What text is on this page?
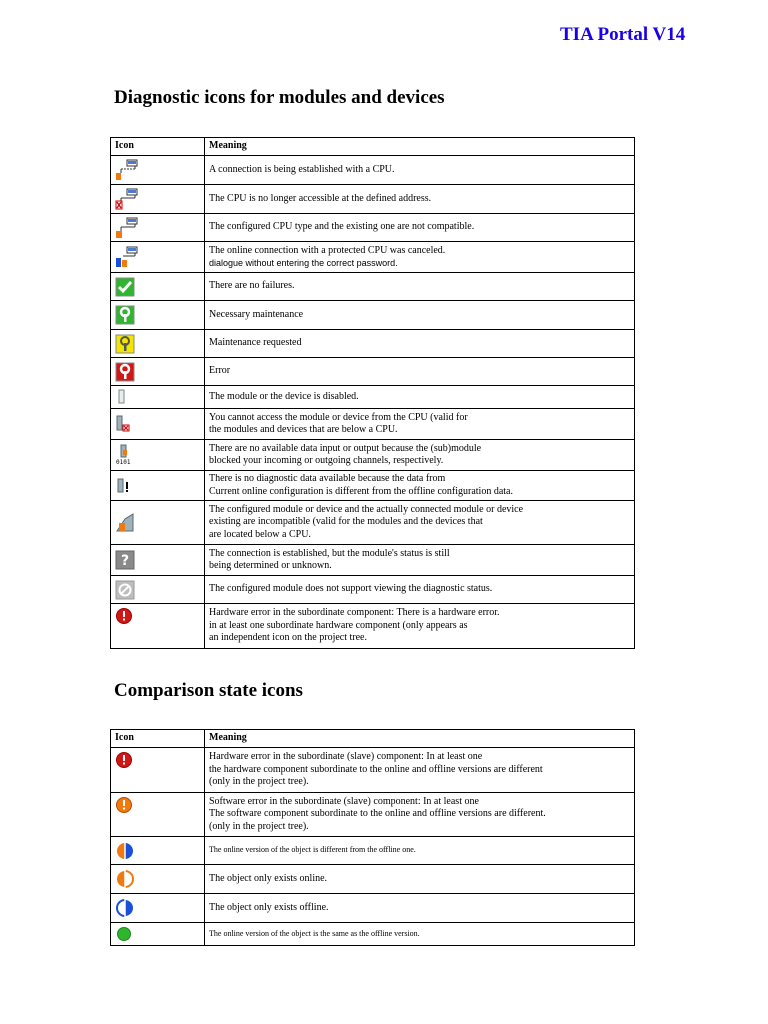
TIA Portal V14
Diagnostic icons for modules and devices
Icon	Meaning

A connection is being established with a CPU.

The CPU is no longer accessible at the defined address.

The configured CPU type and the existing one are not compatible.

The online connection with a protected CPU was canceled.
dialogue without entering the correct password.

There are no failures.

Necessary maintenance

Maintenance requested

Error

The module or the device is disabled.

You cannot access the module or device from the CPU (valid for
the modules and devices that are below a CPU.

0101	There are no available data input or output because the (sub)module
blocked your incoming or outgoing channels, respectively.

There is no diagnostic data available because the data from
Current online configuration is different from the offline configuration data.

The configured module or device and the actually connected module or device
existing are incompatible (valid for the modules and the devices that
are located below a CPU.

?	The connection is established, but the module's status is still
being determined or unknown.

The configured module does not support viewing the diagnostic status.

Hardware error in the subordinate component: There is a hardware error.
in at least one subordinate hardware component (only appears as
an independent icon on the project tree.
Comparison state icons
Icon	Meaning

Hardware error in the subordinate (slave) component: In at least one
the hardware component subordinate to the online and offline versions are different
(only in the project tree).

Software error in the subordinate (slave) component: In at least one
The software component subordinate to the online and offline versions are different.
(only in the project tree).

The online version of the object is different from the offline one.

The object only exists online.

The object only exists offline.

The online version of the object is the same as the offline version.
